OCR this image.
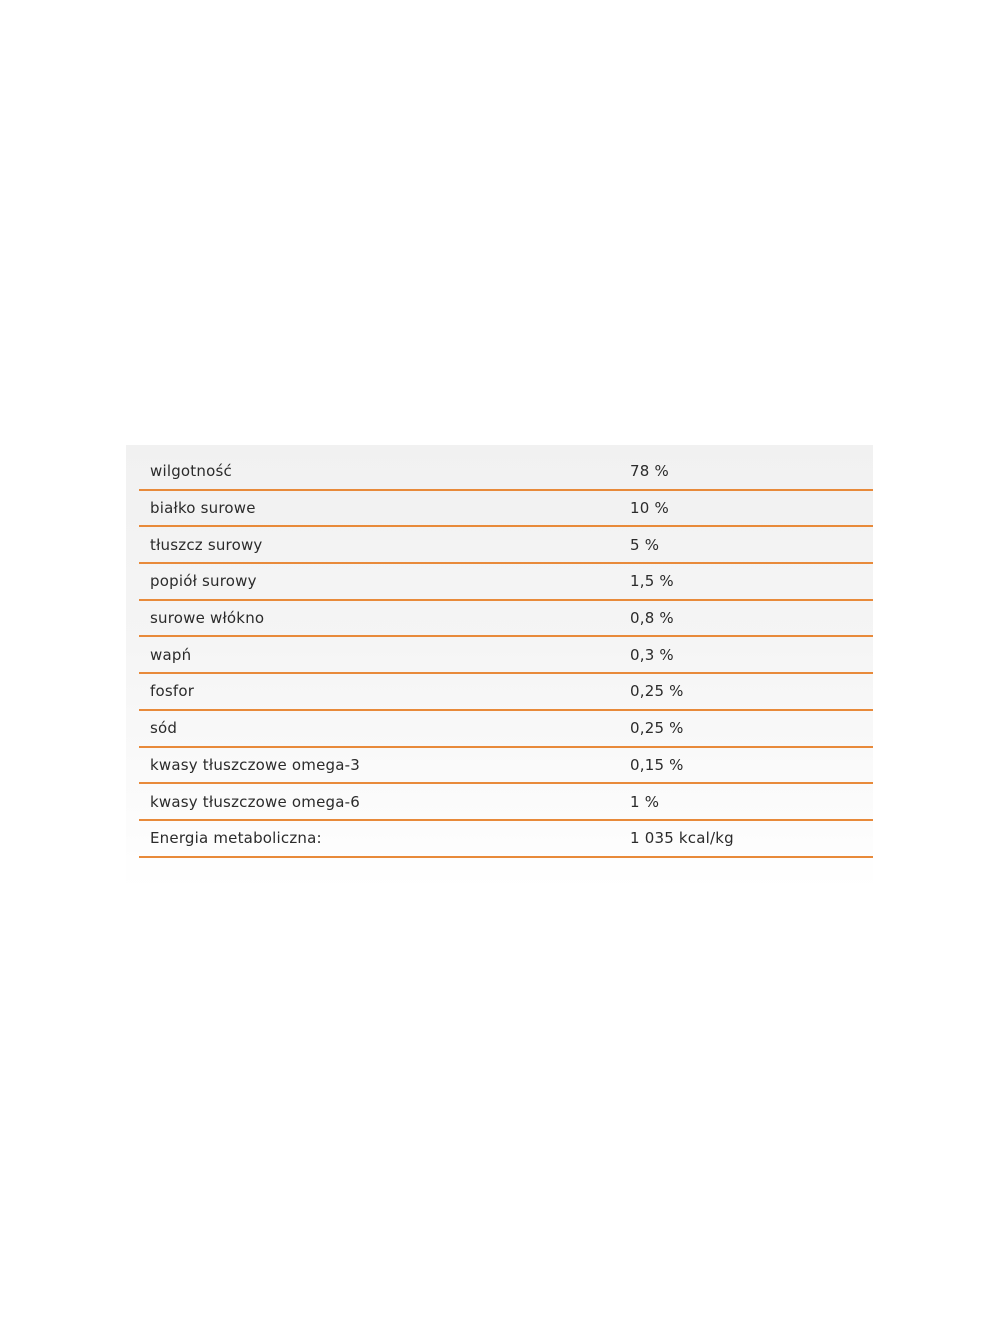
wilgotność	78 %
białko surowe	10 %
tłuszcz surowy	5 %
popiół surowy	1,5 %
surowe włókno	0,8 %
wapń	0,3 %
fosfor	0,25 %
sód	0,25 %
kwasy tłuszczowe omega-3	0,15 %
kwasy tłuszczowe omega-6	1 %
Energia metaboliczna:	1 035 kcal/kg
